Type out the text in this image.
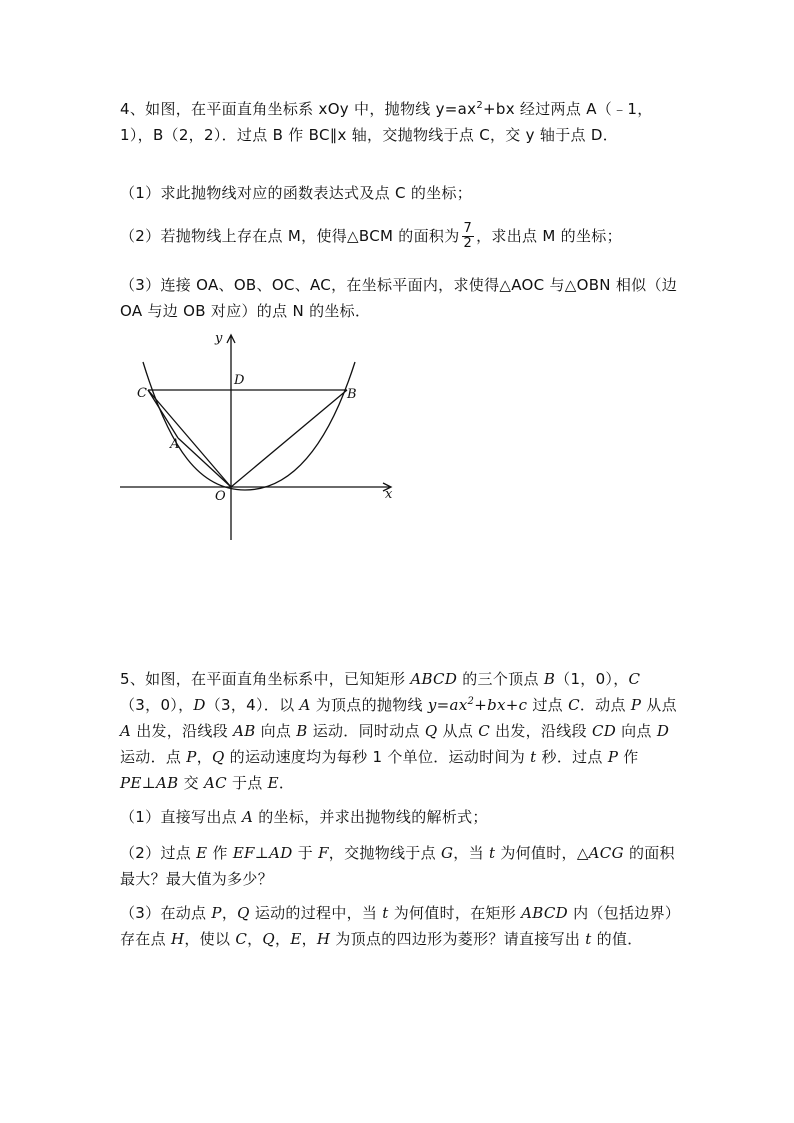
4、如图，在平面直角坐标系 xOy 中，抛物线 $y=ax^2+bx$ 经过两点 A（﹣1，1），B（2，2）．过点 B 作 BC∥x 轴，交抛物线于点 C，交 y 轴于点 D．

（1）求此抛物线对应的函数表达式及点 C 的坐标；

（2）若抛物线上存在点 M，使得△BCM 的面积为 $\frac{7}{2}$ ，求出点 M 的坐标；

（3）连接 OA、OB、OC、AC，在坐标平面内，求使得△AOC 与△OBN 相似（边 OA 与边 OB 对应）的点 N 的坐标．

y
x
O
D
C	B
A

5、如图，在平面直角坐标系中，已知矩形 ABCD 的三个顶点 B（1，0），C（3，0），D（3，4）．以 A 为顶点的抛物线 $y=ax^2+bx+c$ 过点 C．动点 P 从点 A 出发，沿线段 AB 向点 B 运动．同时动点 Q 从点 C 出发，沿线段 CD 向点 D 运动．点 P，Q 的运动速度均为每秒 1 个单位．运动时间为 t 秒．过点 P 作 PE⊥AB 交 AC 于点 E．

（1）直接写出点 A 的坐标，并求出抛物线的解析式；

（2）过点 E 作 EF⊥AD 于 F，交抛物线于点 G，当 t 为何值时，△ACG 的面积最大？最大值为多少？

（3）在动点 P，Q 运动的过程中，当 t 为何值时，在矩形 ABCD 内（包括边界）存在点 H，使以 C，Q，E，H 为顶点的四边形为菱形？请直接写出 t 的值．
